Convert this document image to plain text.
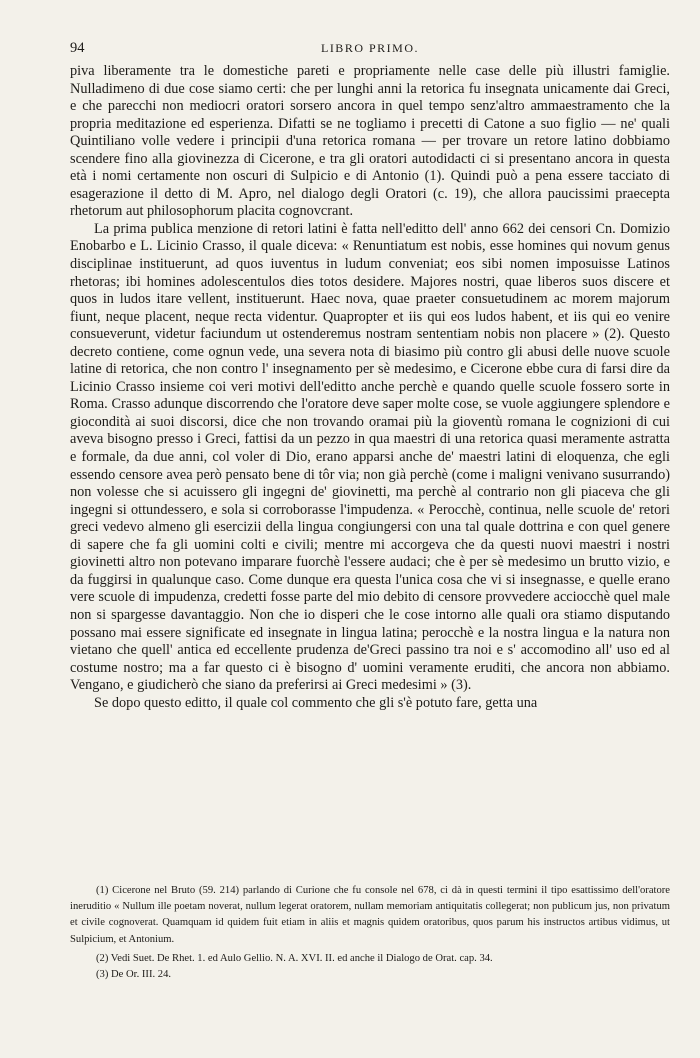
94	LIBRO PRIMO.

piva liberamente tra le domestiche pareti e propriamente nelle case delle più illustri famiglie. Nulladimeno di due cose siamo certi: che per lunghi anni la retorica fu insegnata unicamente dai Greci, e che parecchi non mediocri oratori sorsero ancora in quel tempo senz'altro ammaestramento che la propria meditazione ed esperienza. Difatti se ne togliamo i precetti di Catone a suo figlio — ne' quali Quintiliano volle vedere i principii d'una retorica romana — per trovare un retore latino dobbiamo scendere fino alla giovinezza di Cicerone, e tra gli oratori autodidacti ci si presentano ancora in questa età i nomi certamente non oscuri di Sulpicio e di Antonio (1). Quindi può a pena essere tacciato di esagerazione il detto di M. Apro, nel dialogo degli Oratori (c. 19), che allora paucissimi praecepta rhetorum aut philosophorum placita cognovcrant.

La prima publica menzione di retori latini è fatta nell'editto dell' anno 662 dei censori Cn. Domizio Enobarbo e L. Licinio Crasso, il quale diceva: « Renuntiatum est nobis, esse homines qui novum genus disciplinae instituerunt, ad quos iuventus in ludum conveniat; eos sibi nomen imposuisse Latinos rhetoras; ibi homines adolescentulos dies totos desidere. Majores nostri, quae liberos suos discere et quos in ludos itare vellent, instituerunt. Haec nova, quae praeter consuetudinem ac morem majorum fiunt, neque placent, neque recta videntur. Quapropter et iis qui eos ludos habent, et iis qui eo venire consueverunt, videtur faciundum ut ostenderemus nostram sententiam nobis non placere » (2). Questo decreto contiene, come ognun vede, una severa nota di biasimo più contro gli abusi delle nuove scuole latine di retorica, che non contro l' insegnamento per sè medesimo, e Cicerone ebbe cura di farsi dire da Licinio Crasso insieme coi veri motivi dell'editto anche perchè e quando quelle scuole fossero sorte in Roma. Crasso adunque discorrendo che l'oratore deve saper molte cose, se vuole aggiungere splendore e giocondità ai suoi discorsi, dice che non trovando oramai più la gioventù romana le cognizioni di cui aveva bisogno presso i Greci, fattisi da un pezzo in qua maestri di una retorica quasi meramente astratta e formale, da due anni, col voler di Dio, erano apparsi anche de' maestri latini di eloquenza, che egli essendo censore avea però pensato bene di tôr via; non già perchè (come i maligni venivano susurrando) non volesse che si acuissero gli ingegni de' giovinetti, ma perchè al contrario non gli piaceva che gli ingegni si ottundessero, e sola si corroborasse l'impudenza. « Perocchè, continua, nelle scuole de' retori greci vedevo almeno gli esercizii della lingua congiungersi con una tal quale dottrina e con quel genere di sapere che fa gli uomini colti e civili; mentre mi accorgeva che da questi nuovi maestri i nostri giovinetti altro non potevano imparare fuorchè l'essere audaci; che è per sè medesimo un brutto vizio, e da fuggirsi in qualunque caso. Come dunque era questa l'unica cosa che vi si insegnasse, e quelle erano vere scuole di impudenza, credetti fosse parte del mio debito di censore provvedere acciocchè quel male non si spargesse davantaggio. Non che io disperi che le cose intorno alle quali ora stiamo disputando possano mai essere significate ed insegnate in lingua latina; perocchè e la nostra lingua e la natura non vietano che quell' antica ed eccellente prudenza de'Greci passino tra noi e s' accomodino all' uso ed al costume nostro; ma a far questo ci è bisogno d' uomini veramente eruditi, che ancora non abbiamo. Vengano, e giudicherò che siano da preferirsi ai Greci medesimi » (3).

Se dopo questo editto, il quale col commento che gli s'è potuto fare, getta una

(1) Cicerone nel Bruto (59. 214) parlando di Curione che fu console nel 678, ci dà in questi termini il tipo esattissimo dell'oratore ineruditio « Nullum ille poetam noverat, nullum legerat oratorem, nullam memoriam antiquitatis collegerat; non publicum jus, non privatum et civile cognoverat. Quamquam id quidem fuit etiam in aliis et magnis quidem oratoribus, quos parum his instructos artibus vidimus, ut Sulpicium, et Antonium.

(2) Vedi Suet. De Rhet. 1. ed Aulo Gellio. N. A. XVI. II. ed anche il Dialogo de Orat. cap. 34.

(3) De Or. III. 24.
